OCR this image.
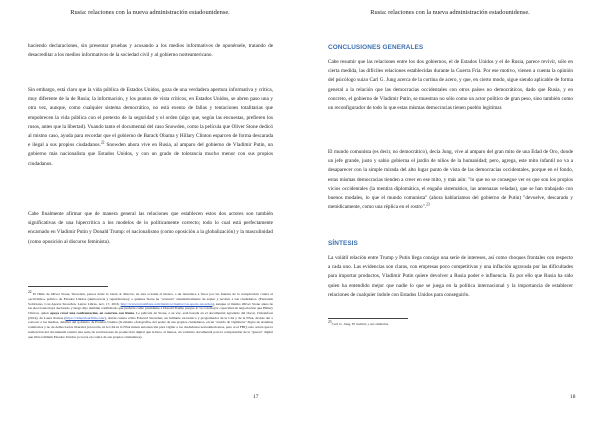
Rusia: relaciones con la nueva administración estadounidense.

haciendo declaraciones, sin presentar pruebas y acusando a los medios informativos de oponérsele, tratando de desacreditar a los medios informativos de la sociedad civil y al gobierno norteamericano.

Sin embargo, está claro que la vida pública de Estados Unidos, goza de una verdadera apertura informativa y crítica, muy diferente de la de Rusia; la información, y los puntos de vista críticos, en Estados Unidos, se abren paso una y otra vez, aunque, como cualquier sistema democrático, no está exento de fallas y tentaciones totalitarias que empobrecen la vida pública con el pretexto de la seguridad y el orden (algo que, según las encuestas, prefieren los rusos, antes que la libertad). Vuando tanto el documental del caso Snowden, como la película que Oliver Stone dedicó al mismo caso, ayuda para recordar que el gobierno de Barack Obama y Hillary Clinton esparcen de forma descarada e ilegal a sus propios ciudadanos.$^{22}$ Snowden ahora vive en Rusia, al amparo del gobierno de Vladimir Putin, un gobierno más nacionalista que Estados Unidos, y con un grado de tolerancia mucho menor con sus propios ciudadanos.

Cabe finalmente afirmar que de manera general las relaciones que establecen estos dos actores son también significativas de una hipercrítica a los modelos de lo políticamente correcto; todo lo cual está perfectamente encarnado en Vladimir Putin y Donald Trump: el nacionalismo (como oposición a la globalización) y la masculinidad (como oposición al discurso feminista).

$^{22}$ El filme de Oliver Stone, Snowden, parece darle la razón al director, en esta ocasión al menos, a un desenlace a favor por las fuentes de la conspiración contra el «activismo» político de Estados Unidos (democracia y republicanos); a quienes Stone ha "acusado" sistemáticamente de espiar y recabar a sus ciudadanos. (Fernanda Solórzano, Con Aporte Snowden, Letras Libres, nov. 17, 2016. http://www.letraslibres.com/mexico/cinema/con-aporte-snowden), aunque al mismo Oliver Stone antes de las elecciones haya declarado y luego dijo también confirmado que prefería como presidente a Donald Trump porque lo ve con mayor capacidad de negociación que Hillary Clinton, quien apoya crear una confrontación, en concreto con Rusia. La película de Stone, a su vez, está basada en el documental agradado del Oscar, Citizenfour (2014), de Laura Poitras (https://citizenfourfilm.com/), donde cuenta cómo Edward Snowden, un brillante ex-técnico y programador de la CIA y de la NSA, decide dar a conocer a los medios, detalles del gobierno de Estados Unidos (la misma «fotografía» del poder de sus propios ciudadanos, en un "estado de vigilancia" digno de sistemas totalitarios y no de democracias liberales (en teoría, ni la CIA ni la NSA tienen autorización para vigilar a los ciudadanos norteamericanos, pero sí el FBI); esto aclara que la realización del documental resultó una serie de revelaciones de producción digital que le hizo, al menos, un vaticinio documental para la comprensión de la "guerra" digital que libra también Estados Unidos (a veces en contra de sus propios ciudadanos).

17
Rusia: relaciones con la nueva administración estadounidense.
CONCLUSIONES GENERALES

Cabe resumir que las relaciones entre los dos gobiernos, el de Estados Unidos y el de Rusia, parece revivir, sólo en cierta medida, las difíciles relaciones establecidas durante la Guerra Fría. Por ese motivo, vienen a cuenta la opinión del psicólogo suizo Carl G. Jung acerca de la cortina de acero, y que, en cierto modo, sigue siendo aplicable de forma general a la relación que las democracias occidentales con otros países no democráticos, dado que Rusia, y en concreto, el gobierno de Vladimir Putin, se muestran no sólo como un actor político de gran peso, sino también como un reconfigurador de todo lo que estas mismas democracias tienen pueblo legitimar.

El mundo comunista (es decir, no democrático), decía Jung, vive al amparo del gran mito de una Edad de Oro, donde un jefe grande, justo y sabio gobierna el jardín de niños de la humanidad; pero, agrega, este mito infantil no va a desaparecer con la simple mirada del alto lugar punto de vista de las democracias occidentales, porque en el fondo, estas mismas democracias tienden a creer en ese mito, y más aún: "lo que no se consegue ver es que son los propios vicios occidentales (la mentira diplomática, el engaño sistemático, las amenazas veladas), que se han trabajado con buenos modales, lo que el mundo comunista" (ahora hablaríamos del gobierno de Putin) "devuelve, descarado y metódicamente, como una réplica en el rostro".$^{23}$

SÍNTESIS

La volátil relación entre Trump y Putin llega consigo una serie de intereses, así como choques frontales con respecto a cada uno. Las evidencias son claras, con empresas poco competitivas y una inflación agravada por las dificultades para importar productos, Vladimir Putin quiere devolver a Rusia poder e influencia. Es por ello que Rusia ha sido quien ha entendido mejor que nadie lo que se juega en la política internacional y la importancia de establecer relaciones de cualquier índole con Estados Unidos para conseguirlo.

$^{23}$Carl G. Jung, El hombre y sus símbolos.

18
